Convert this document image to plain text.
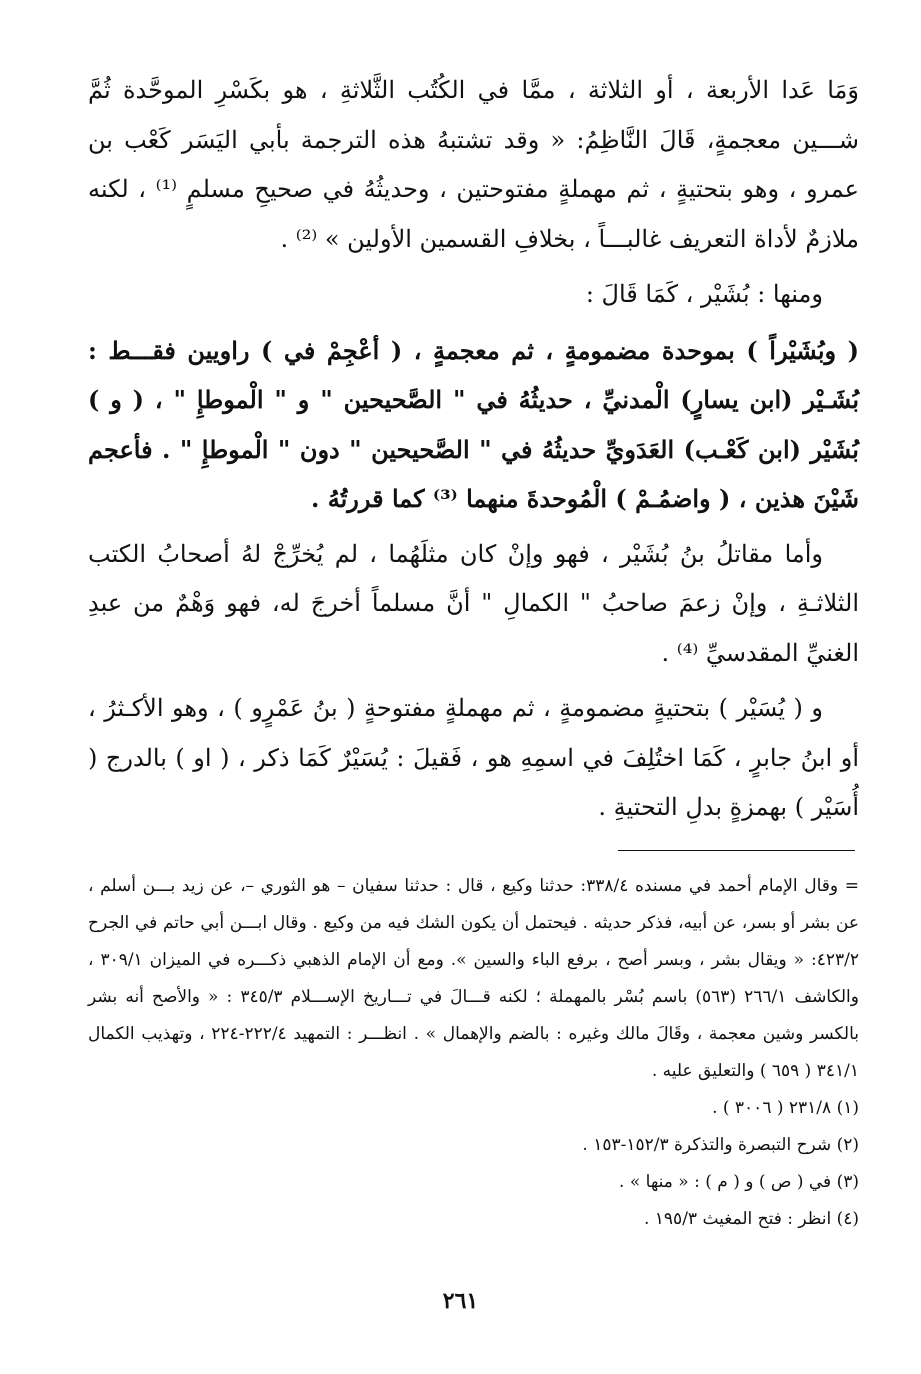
وَمَا عَدا الأربعة ، أو الثلاثة ، ممَّا في الكُتُب الثَّلاثةِ ، هو بكَسْرِ الموحَّدة ثُمَّ شـــين معجمةٍ، قَالَ النَّاظِمُ: « وقد تشتبهُ هذه الترجمة بأبي اليَسَر كَعْب بن عمرو ، وهو بتحتيةٍ ، ثم مهملةٍ مفتوحتين ، وحديثُهُ في صحيحِ مسلمٍ ⁽¹⁾ ، لكنه ملازمٌ لأداة التعريف غالبـــاً ، بخلافِ القسمين الأولين » ⁽²⁾ .

ومنها : بُشَيْر ، كَمَا قَالَ :

( وبُشَيْراً ) بموحدة مضمومةٍ ، ثم معجمةٍ ، ( أعْجِمْ في ) راويين فقـــط : بُشَـيْر (ابن يسارٍ) الْمدنيِّ ، حديثُهُ في " الصَّحيحين " و " الْموطإِ " ، ( و ) بُشَيْر (ابن كَعْـب) العَدَويِّ حديثُهُ في " الصَّحيحين " دون " الْموطإِ " . فأعجم شَيْنَ هذين ، ( واضمُـمْ ) الْمُوحدةَ منهما ⁽³⁾ كما قررتُهُ .

وأما مقاتلُ بنُ بُشَيْر ، فهو وإنْ كان مثلَهُما ، لم يُخرِّجْ لهُ أصحابُ الكتب الثلاثـةِ ، وإنْ زعمَ صاحبُ " الكمالِ " أنَّ مسلماً أخرجَ له، فهو وَهْمٌ من عبدِ الغنيِّ المقدسيِّ ⁽⁴⁾ .

و ( يُسَيْر ) بتحتيةٍ مضمومةٍ ، ثم مهملةٍ مفتوحةٍ ( بنُ عَمْرٍو ) ، وهو الأكـثرُ ، أو ابنُ جابرٍ ، كَمَا اختُلِفَ في اسمِهِ هو ، فَقيلَ : يُسَيْرٌ كَمَا ذكر ، ( او ) بالدرج ( أُسَيْر ) بهمزةٍ بدلِ التحتيةِ .

= وقال الإمام أحمد في مسنده ٣٣٨/٤: حدثنا وكيع ، قال : حدثنا سفيان – هو الثوري –، عن زيد بـــن أسلم ، عن بشر أو بسر، عن أبيه، فذكر حديثه . فيحتمل أن يكون الشك فيه من وكيع . وقال ابـــن أبي حاتم في الجرح ٤٢٣/٢: « ويقال بشر ، وبسر أصح ، برفع الباء والسين ». ومع أن الإمام الذهبي ذكـــره في الميزان ٣٠٩/١ ، والكاشف ٢٦٦/١ (٥٦٣) باسم بُسْر بالمهملة ؛ لكنه قـــالَ في تـــاريخ الإســـلام ٣٤٥/٣ : « والأصح أنه بشر بالكسر وشين معجمة ، وقَالَ مالك وغيره : بالضم والإهمال » . انظـــر : التمهيد ٢٢٢/٤-٢٢٤ ، وتهذيب الكمال ٣٤١/١ ( ٦٥٩ ) والتعليق عليه .

(١) ٢٣١/٨ ( ٣٠٠٦ ) .

(٢) شرح التبصرة والتذكرة ١٥٢/٣-١٥٣ .

(٣) في ( ص ) و ( م ) : « منها » .

(٤) انظر : فتح المغيث ١٩٥/٣ .

٢٦١
